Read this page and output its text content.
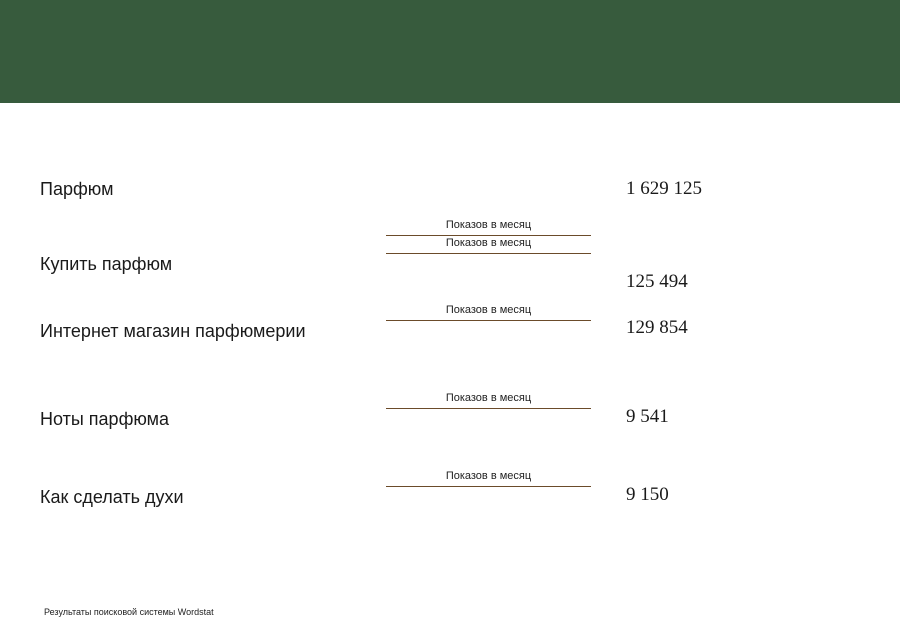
Парфюм
Показов в месяц
1 629 125
Купить парфюм
Показов в месяц
125 494
Интернет магазин парфюмерии
Показов в месяц
129 854
Ноты парфюма
Показов в месяц
9 541
Как сделать духи
Показов в месяц
9 150
Результаты поисковой системы Wordstat
